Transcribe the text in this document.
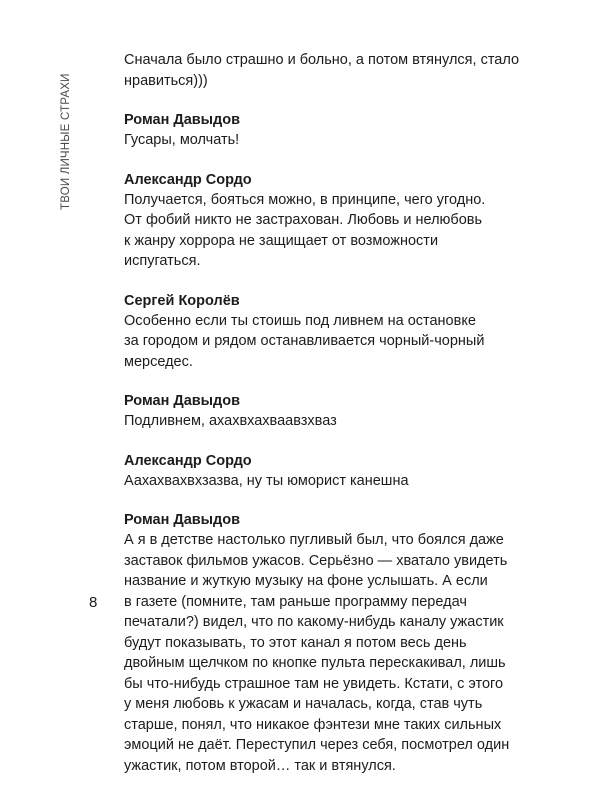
ТВОИ ЛИЧНЫЕ СТРАХИ
8

Сначала было страшно и больно, а потом втянулся, стало
нравиться)))

Роман Давыдов

Гусары, молчать!

Александр Сордо

Получается, бояться можно, в принципе, чего угодно.
От фобий никто не застрахован. Любовь и нелюбовь
к жанру хоррора не защищает от возможности
испугаться.

Сергей Королёв

Особенно если ты стоишь под ливнем на остановке
за городом и рядом останавливается чорный-чорный
мерседес.

Роман Давыдов

Подливнем, ахахвхахваавзхваз

Александр Сордо

Аахахвахвхзазва, ну ты юморист канешна

Роман Давыдов

А я в детстве настолько пугливый был, что боялся даже
заставок фильмов ужасов. Серьёзно — хватало увидеть
название и жуткую музыку на фоне услышать. А если
в газете (помните, там раньше программу передач
печатали?) видел, что по какому-нибудь каналу ужастик
будут показывать, то этот канал я потом весь день
двойным щелчком по кнопке пульта перескакивал, лишь
бы что-нибудь страшное там не увидеть. Кстати, с этого
у меня любовь к ужасам и началась, когда, став чуть
старше, понял, что никакое фэнтези мне таких сильных
эмоций не даёт. Переступил через себя, посмотрел один
ужастик, потом второй… так и втянулся.
